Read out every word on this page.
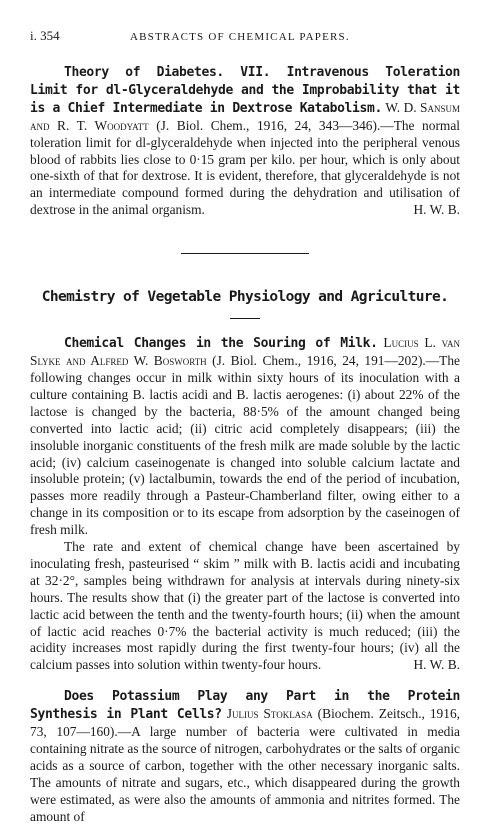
i. 354	ABSTRACTS OF CHEMICAL PAPERS.

Theory of Diabetes. VII. Intravenous Toleration Limit for dl-Glyceraldehyde and the Improbability that it is a Chief Intermediate in Dextrose Katabolism. W. D. Sansum and R. T. Woodyatt (J. Biol. Chem., 1916, 24, 343—346).—The normal toleration limit for dl-glyceraldehyde when injected into the peripheral venous blood of rabbits lies close to 0·15 gram per kilo. per hour, which is only about one-sixth of that for dextrose. It is evident, therefore, that glyceraldehyde is not an intermediate compound formed during the dehydration and utilisation of dextrose in the animal organism.	H. W. B.

Chemistry of Vegetable Physiology and Agriculture.

Chemical Changes in the Souring of Milk. Lucius L. van Slyke and Alfred W. Bosworth (J. Biol. Chem., 1916, 24, 191—202).—The following changes occur in milk within sixty hours of its inoculation with a culture containing B. lactis acidi and B. lactis aerogenes: (i) about 22% of the lactose is changed by the bacteria, 88·5% of the amount changed being converted into lactic acid; (ii) citric acid completely disappears; (iii) the insoluble inorganic constituents of the fresh milk are made soluble by the lactic acid; (iv) calcium caseinogenate is changed into soluble calcium lactate and insoluble protein; (v) lactalbumin, towards the end of the period of incubation, passes more readily through a Pasteur-Chamberland filter, owing either to a change in its composition or to its escape from adsorption by the caseinogen of fresh milk.

The rate and extent of chemical change have been ascertained by inoculating fresh, pasteurised “ skim ” milk with B. lactis acidi and incubating at 32·2°, samples being withdrawn for analysis at intervals during ninety-six hours. The results show that (i) the greater part of the lactose is converted into lactic acid between the tenth and the twenty-fourth hours; (ii) when the amount of lactic acid reaches 0·7% the bacterial activity is much reduced; (iii) the acidity increases most rapidly during the first twenty-four hours; (iv) all the calcium passes into solution within twenty-four hours.	H. W. B.

Does Potassium Play any Part in the Protein Synthesis in Plant Cells? Julius Stoklasa (Biochem. Zeitsch., 1916, 73, 107—160).—A large number of bacteria were cultivated in media containing nitrate as the source of nitrogen, carbohydrates or the salts of organic acids as a source of carbon, together with the other necessary inorganic salts. The amounts of nitrate and sugars, etc., which disappeared during the growth were estimated, as were also the amounts of ammonia and nitrites formed. The amount of
